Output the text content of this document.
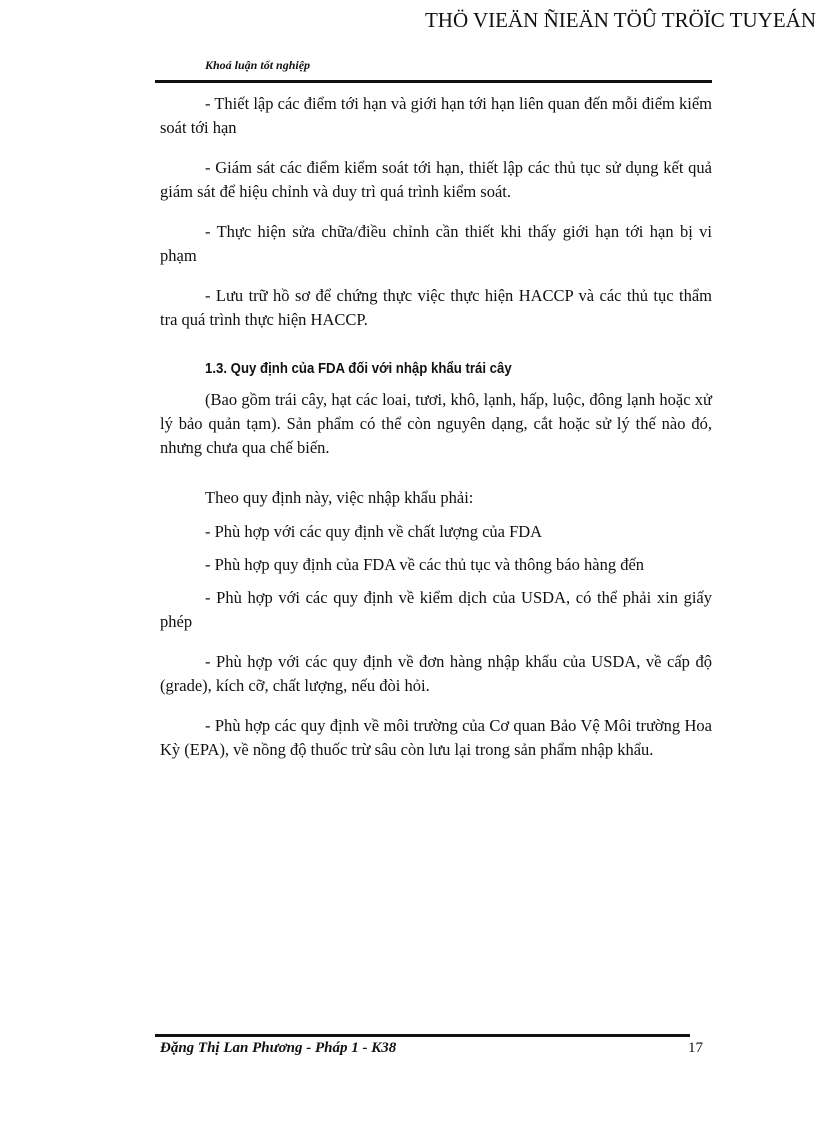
THÖ VIEÄN ÑIEÄN TÖÛ TRÖÏC TUYEÁN
Khoá luận tốt nghiệp
- Thiết lập các điểm tới hạn và giới hạn tới hạn liên quan đến mỗi điểm kiểm soát tới hạn
- Giám sát các điểm kiểm soát tới hạn, thiết lập các thủ tục sử dụng kết quả giám sát để hiệu chỉnh và duy trì quá trình kiểm soát.
- Thực hiện sửa chữa/điều chỉnh cần thiết khi thấy giới hạn tới hạn bị vi phạm
- Lưu trữ hồ sơ để chứng thực việc thực hiện HACCP và các thủ tục thẩm tra quá trình thực hiện HACCP.
1.3. Quy định của FDA đối với nhập khẩu trái cây
(Bao gồm trái cây, hạt các loai, tươi, khô, lạnh, hấp, luộc, đông lạnh hoặc xử lý bảo quản tạm). Sản phẩm có thể còn nguyên dạng, cắt hoặc sử lý thế nào đó, nhưng chưa qua chế biến.
Theo quy định này, việc nhập khẩu phải:
- Phù hợp với các quy định về chất lượng của FDA
- Phù hợp quy định của FDA về các thủ tục và thông báo hàng đến
- Phù hợp với các quy định về kiểm dịch của USDA, có thể phải xin giấy phép
- Phù hợp với các quy định về đơn hàng nhập khẩu của USDA, về cấp độ (grade), kích cỡ, chất lượng, nếu đòi hỏi.
- Phù hợp các quy định về môi trường của Cơ quan Bảo Vệ Môi trường Hoa Kỳ (EPA), về nồng độ thuốc trừ sâu còn lưu lại trong sản phẩm nhập khẩu.
Đặng Thị Lan Phương - Pháp 1 - K38	17
